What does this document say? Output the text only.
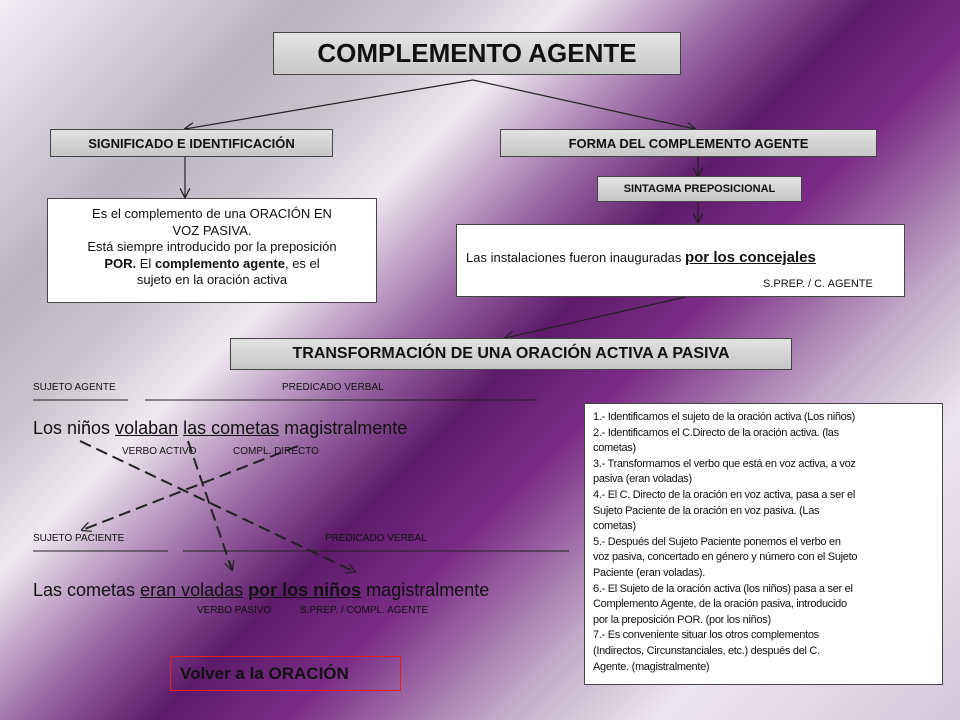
COMPLEMENTO AGENTE
SIGNIFICADO E IDENTIFICACIÓN	FORMA DEL COMPLEMENTO AGENTE
Es el complemento de una ORACIÓN EN
VOZ PASIVA.
Está siempre introducido por la preposición
POR. El complemento agente, es el
sujeto en la oración activa
SINTAGMA PREPOSICIONAL
Las instalaciones fueron inauguradas por los concejales
S.PREP. / C. AGENTE
TRANSFORMACIÓN DE UNA ORACIÓN ACTIVA A PASIVA
SUJETO AGENTE	PREDICADO VERBAL
Los niños volaban las cometas magistralmente
VERBO ACTIVO	COMPL. DIRECTO
SUJETO PACIENTE	PREDICADO VERBAL
Las cometas eran voladas por los niños magistralmente
VERBO PASIVO	S.PREP. / COMPL. AGENTE
1.- Identificamos el sujeto de la oración activa (Los niños)
2.- Identificamos el C.Directo de la oración activa. (las
cometas)
3.- Transformamos el verbo que está en voz activa, a voz
pasiva (eran voladas)
4.- El C. Directo de la oración en voz activa, pasa a ser el
Sujeto Paciente de la oración en voz pasiva. (Las
cometas)
5.- Después del Sujeto Paciente ponemos el verbo en
voz pasiva, concertado en género y número con el Sujeto
Paciente (eran voladas).
6.- El Sujeto de la oración activa (los niños) pasa a ser el
Complemento Agente, de la oración pasiva, introducido
por la preposición POR. (por los niños)
7.- Es conveniente situar los otros complementos
(Indirectos, Circunstanciales, etc.) después del C.
Agente. (magistralmente)
Volver a la ORACIÓN
